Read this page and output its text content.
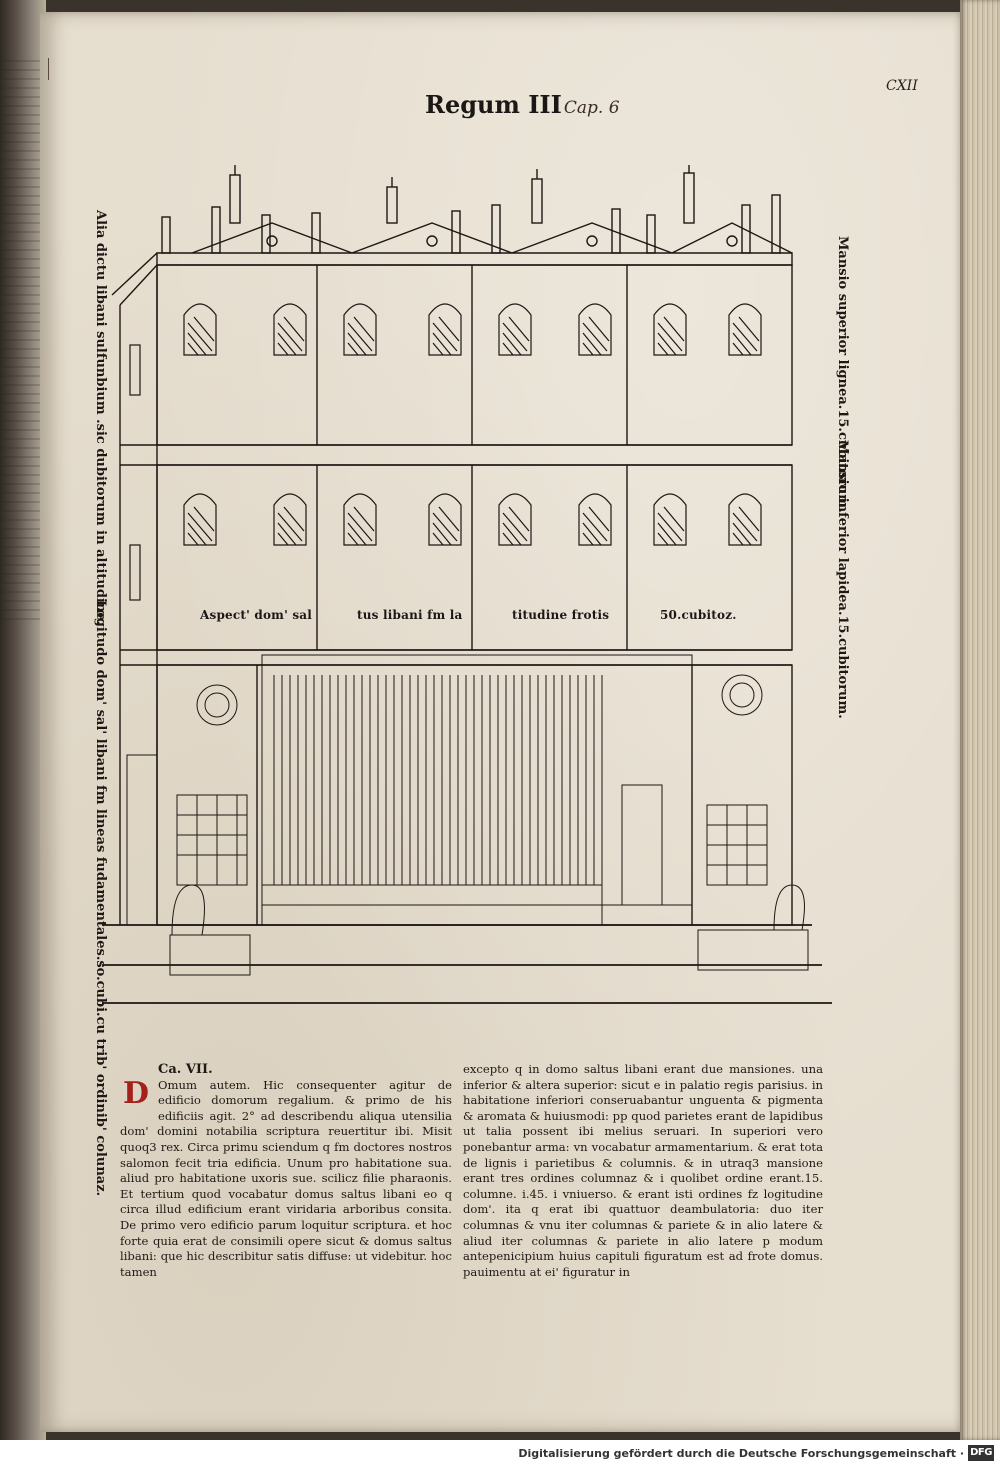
Regum III Cap. 6
CXII
Alia dictu libani sulfunbium .sic dubitorum in altitudine.
Logitudo dom' sal' libani fm lineas fudamentales.so.cubi.cu trib' ordinib' colunaz.
Mansio superior lignea.15.cubitorum.
Mansio inferior lapidea.15.cubitorum.
Aspect' dom' sal	tus libani fm la	titudine frotis	50.cubitoz.
D

Ca. VII.

Omum autem. Hic consequenter agitur de edificio domorum regalium. & primo de his edificiis agit. 2° ad describendu aliqua utensilia dom' domini notabilia scriptura reuertitur ibi. Misit quoq3 rex. Circa primu sciendum q fm doctores nostros salomon fecit tria edificia. Unum pro habitatione sua. aliud pro habitatione uxoris sue. scilicz filie pharaonis. Et tertium quod vocabatur domus saltus libani eo q circa illud edificium erant viridaria arboribus consita. De primo vero edificio parum loquitur scriptura. et hoc forte quia erat de consimili opere sicut & domus saltus libani: que hic describitur satis diffuse: ut videbitur. hoc tamen

excepto q in domo saltus libani erant due mansiones. una inferior & altera superior: sicut e in palatio regis parisius. in habitatione inferiori conseruabantur unguenta & pigmenta & aromata & huiusmodi: pp quod parietes erant de lapidibus ut talia possent ibi melius seruari. In superiori vero ponebantur arma: vn vocabatur armamentarium. & erat tota de lignis i parietibus & columnis. & in utraq3 mansione erant tres ordines columnaz & i quolibet ordine erant.15. columne. i.45. i vniuerso. & erant isti ordines fz logitudine dom'. ita q erat ibi quattuor deambulatoria: duo iter columnas & vnu iter columnas & pariete & in alio latere & aliud iter columnas & pariete in alio latere p modum antepenicipium huius capituli figuratum est ad frote domus. pauimentu at ei' figuratur in

Digitalisierung gefördert durch die Deutsche Forschungsgemeinschaft · DFG
